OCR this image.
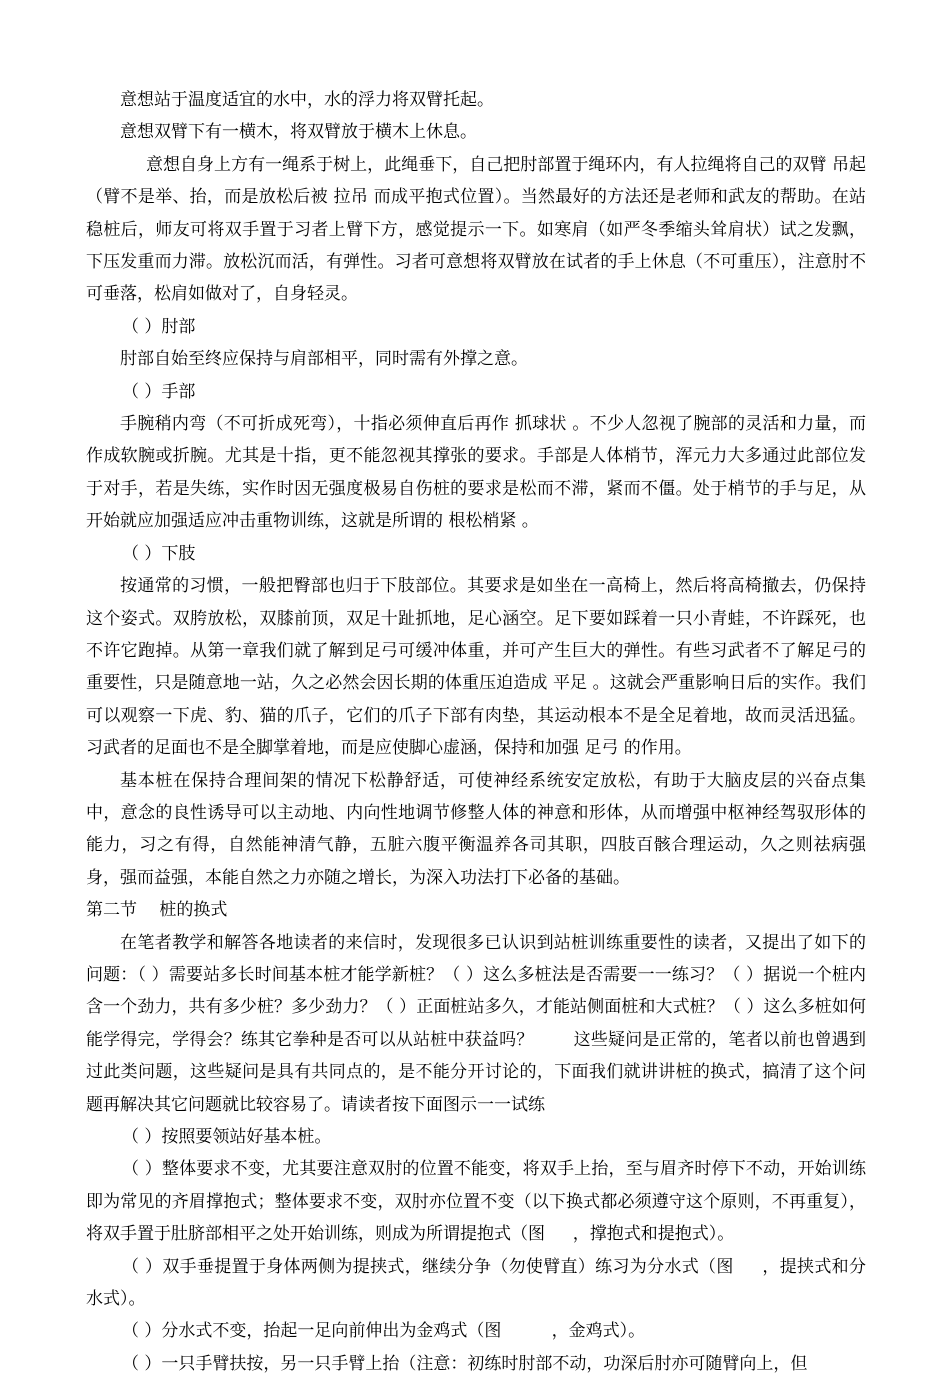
意想站于温度适宜的水中，水的浮力将双臂托起。

意想双臂下有一横木，将双臂放于横木上休息。

意想自身上方有一绳系于树上，此绳垂下，自己把肘部置于绳环内，有人拉绳将自己的双臂 吊起 （臂不是举、抬，而是放松后被 拉吊 而成平抱式位置）。当然最好的方法还是老师和武友的帮助。在站稳桩后，师友可将双手置于习者上臂下方，感觉提示一下。如寒肩（如严冬季缩头耸肩状）试之发飘，下压发重而力滞。放松沉而活，有弹性。习者可意想将双臂放在试者的手上休息（不可重压），注意肘不可垂落，松肩如做对了，自身轻灵。

（ ）肘部

肘部自始至终应保持与肩部相平，同时需有外撑之意。

（ ）手部

手腕稍内弯（不可折成死弯），十指必须伸直后再作 抓球状 。不少人忽视了腕部的灵活和力量，而作成软腕或折腕。尤其是十指，更不能忽视其撑张的要求。手部是人体梢节，浑元力大多通过此部位发于对手，若是失练，实作时因无强度极易自伤桩的要求是松而不滞，紧而不僵。处于梢节的手与足，从开始就应加强适应冲击重物训练，这就是所谓的 根松梢紧 。

（ ）下肢

按通常的习惯，一般把臀部也归于下肢部位。其要求是如坐在一高椅上，然后将高椅撤去，仍保持这个姿式。双胯放松，双膝前顶，双足十趾抓地，足心涵空。足下要如踩着一只小青蛙，不许踩死，也不许它跑掉。从第一章我们就了解到足弓可缓冲体重，并可产生巨大的弹性。有些习武者不了解足弓的重要性，只是随意地一站，久之必然会因长期的体重压迫造成 平足 。这就会严重影响日后的实作。我们可以观察一下虎、豹、猫的爪子，它们的爪子下部有肉垫，其运动根本不是全足着地，故而灵活迅猛。习武者的足面也不是全脚掌着地，而是应使脚心虚涵，保持和加强 足弓 的作用。

基本桩在保持合理间架的情况下松静舒适，可使神经系统安定放松，有助于大脑皮层的兴奋点集中，意念的良性诱导可以主动地、内向性地调节修整人体的神意和形体，从而增强中枢神经驾驭形体的能力，习之有得，自然能神清气静，五脏六腹平衡温养各司其职，四肢百骸合理运动，久之则祛病强身，强而益强，本能自然之力亦随之增长，为深入功法打下必备的基础。

第二节 　桩的换式

在笔者教学和解答各地读者的来信时，发现很多已认识到站桩训练重要性的读者，又提出了如下的问题：（ ）需要站多长时间基本桩才能学新桩？（ ）这么多桩法是否需要一一练习？（ ）据说一个桩内含一个劲力，共有多少桩？多少劲力？（ ）正面桩站多久，才能站侧面桩和大式桩？（ ）这么多桩如何能学得完，学得会？练其它拳种是否可以从站桩中获益吗？ 　　这些疑问是正常的，笔者以前也曾遇到过此类问题，这些疑问是具有共同点的，是不能分开讨论的，下面我们就讲讲桩的换式，搞清了这个问题再解决其它问题就比较容易了。请读者按下面图示一一试练

（ ）按照要领站好基本桩。

（ ）整体要求不变，尤其要注意双肘的位置不能变，将双手上抬，至与眉齐时停下不动，开始训练即为常见的齐眉撑抱式；整体要求不变，双肘亦位置不变（以下换式都必须遵守这个原则，不再重复），将双手置于肚脐部相平之处开始训练，则成为所谓提抱式（图 　 ，撑抱式和提抱式）。

（ ）双手垂提置于身体两侧为提挟式，继续分争（勿使臂直）练习为分水式（图 　 ，提挟式和分水式）。

（ ）分水式不变，抬起一足向前伸出为金鸡式（图 　 　 ，金鸡式）。

（ ）一只手臂扶按，另一只手臂上抬（注意：初练时肘部不动，功深后肘亦可随臂向上，但
